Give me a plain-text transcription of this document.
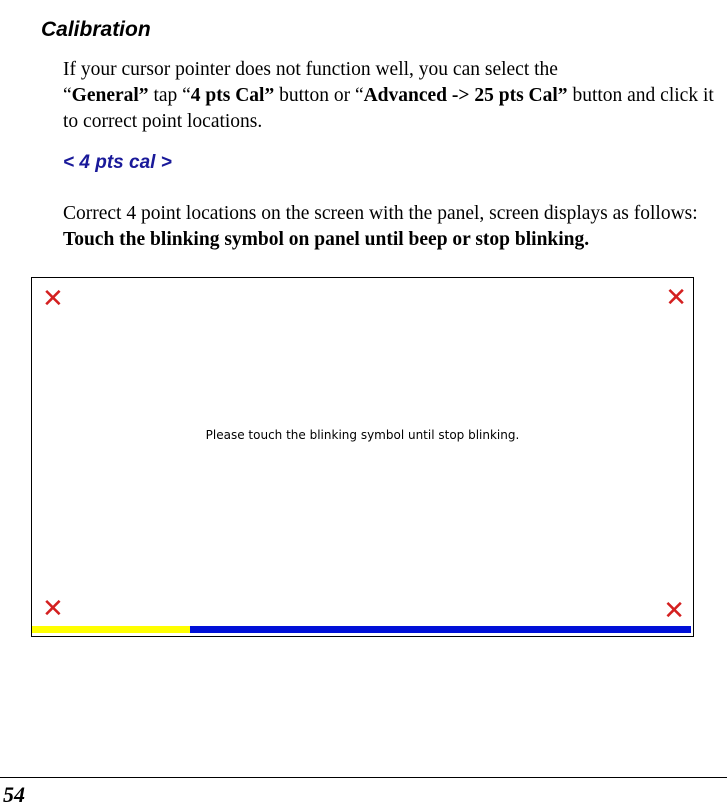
Calibration
If your cursor pointer does not function well, you can select the
“General” tap “4 pts Cal” button or “Advanced -> 25 pts Cal” button and click it to correct point locations.
< 4 pts cal >
Correct 4 point locations on the screen with the panel, screen displays as follows: Touch the blinking symbol on panel until beep or stop blinking.
✕	✕
✕	✕
Please touch the blinking symbol until stop blinking.
54
